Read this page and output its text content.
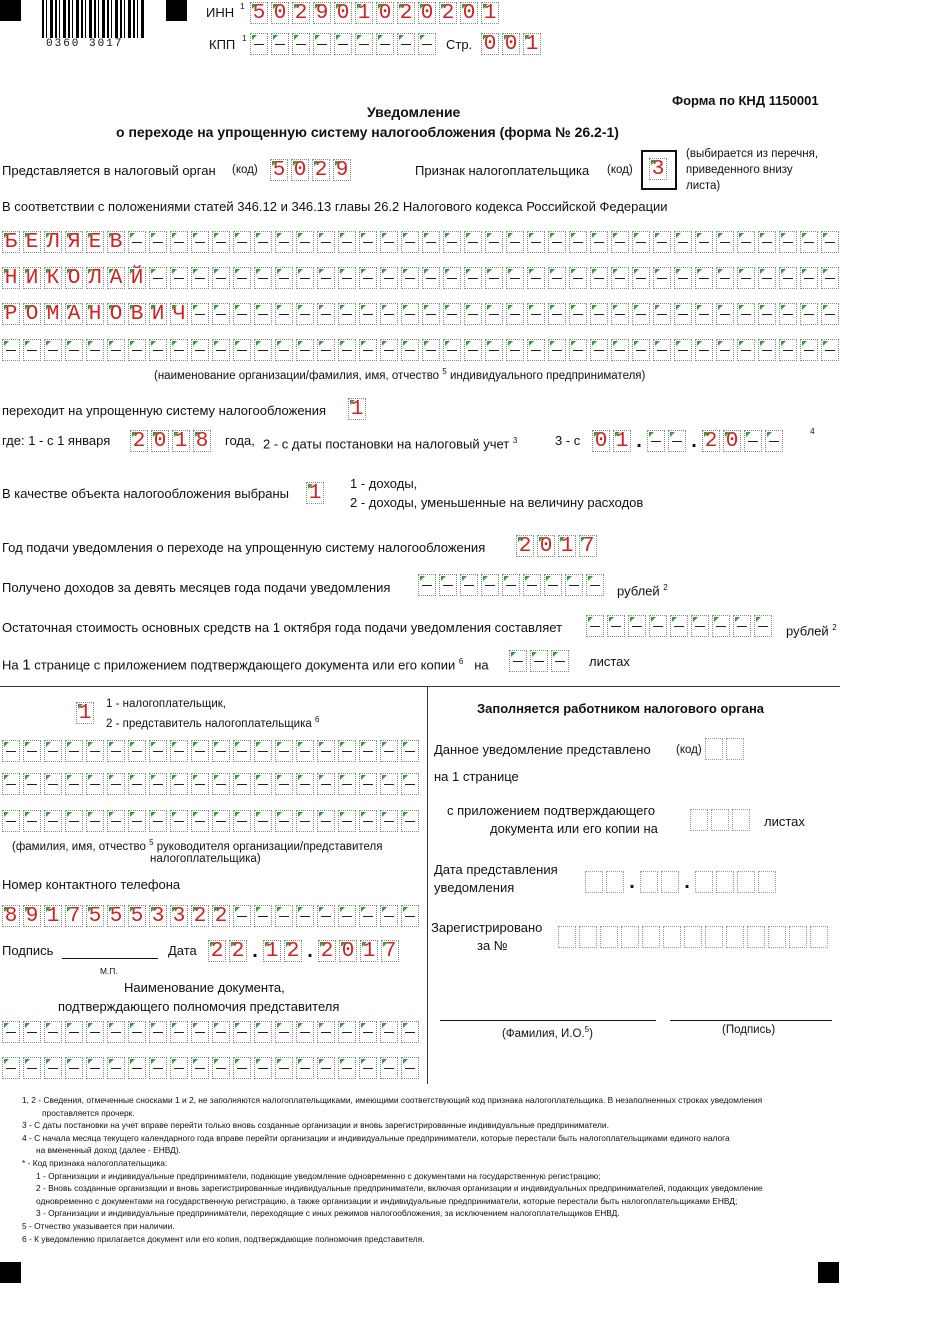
0360 3017
ИНН 1 5 0 2 9 0 1 0 2 0 2 0 1
КПП 1	Стр. 0 0 1
Форма по КНД 1150001
Уведомление
о переходе на упрощенную систему налогообложения (форма № 26.2-1)
Представляется в налоговый орган	(код) 5 0 2 9	Признак налогоплательщика (код) 3
(выбирается из перечня,
приведенного внизу
листа)
В соответствии с положениями статей 346.12 и 346.13 главы 26.2 Налогового кодекса Российской Федерации
Б Е Л Я Е В
Н И К О Л А Й
Р О М А Н О В И Ч
(наименование организации/фамилия, имя, отчество $^5$ индивидуального предпринимателя)
переходит на упрощенную систему налогообложения 1
где: 1 - с 1 января 2 0 1 8 года, 2 - с даты постановки на налоговый учет $^3$	3 - с 0 1 . . 2 0	4
В качестве объекта налогообложения выбраны 1 1 - доходы,
2 - доходы, уменьшенные на величину расходов
Год подачи уведомления о переходе на упрощенную систему налогообложения 2 0 1 7
Получено доходов за девять месяцев года подачи уведомления	рублей $^2$
Остаточная стоимость основных средств на 1 октября года подачи уведомления составляет	рублей $^2$
На 1 странице с приложением подтверждающего документа или его копии $^6$ на	листах
1 1 - налогоплательщик,
2 - представитель налогоплательщика $^6$
(фамилия, имя, отчество $^5$ руководителя организации/представителя
налогоплательщика)
Номер контактного телефона
8 9 1 7 5 5 5 3 3 2 2
Подпись
М.П.
Дата 2 2 . 1 2 . 2 0 1 7
Наименование документа,
подтверждающего полномочия представителя
Заполняется работником налогового органа
Данное уведомление представлено (код)
на 1 странице
с приложением подтверждающего
документа или его копии на	листах
Дата представления
уведомления	. .
Зарегистрировано
за №
(Фамилия, И.О.$^5$)	(Подпись)
1, 2 - Сведения, отмеченные сносками 1 и 2, не заполняются налогоплательщиками, имеющими соответствующий код признака налогоплательщика. В незаполненных строках уведомления
проставляется прочерк.
3 - С даты постановки на учет вправе перейти только вновь созданные организации и вновь зарегистрированные индивидуальные предприниматели.
4 - С начала месяца текущего календарного года вправе перейти организации и индивидуальные предприниматели, которые перестали быть налогоплательщиками единого налога
на вмененный доход (далее - ЕНВД).
* - Код признака налогоплательщика:
1 - Организации и индивидуальные предприниматели, подающие уведомление одновременно с документами на государственную регистрацию;
2 - Вновь созданные организации и вновь зарегистрированные индивидуальные предприниматели, включая организации и индивидуальных предпринимателей, подающих уведомление
одновременно с документами на государственную регистрацию, а также организации и индивидуальные предприниматели, которые перестали быть налогоплательщиками ЕНВД;
3 - Организации и индивидуальные предприниматели, переходящие с иных режимов налогообложения, за исключением налогоплательщиков ЕНВД.
5 - Отчество указывается при наличии.
6 - К уведомлению прилагается документ или его копия, подтверждающие полномочия представителя.
